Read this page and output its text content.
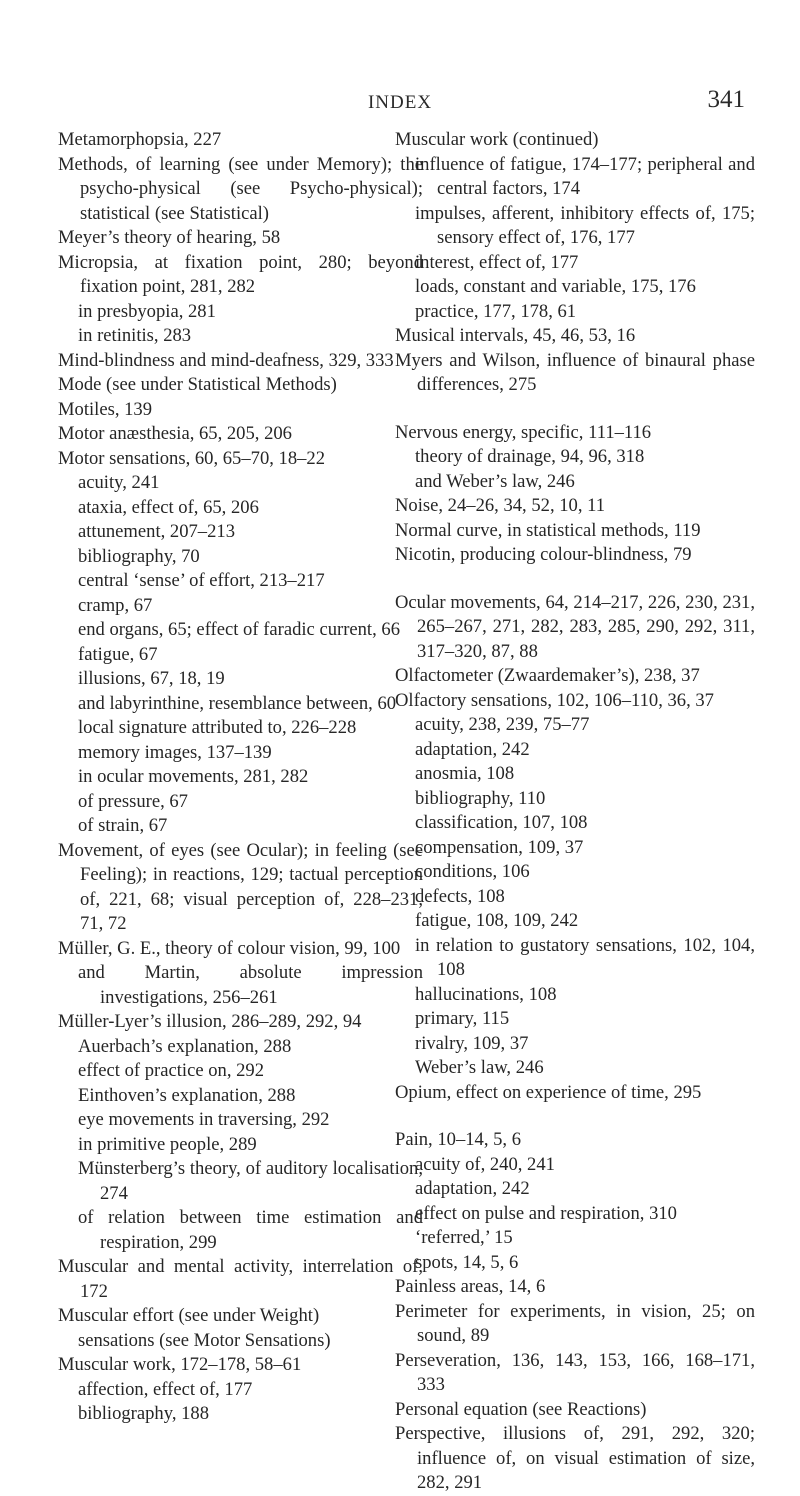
INDEX	341

Metamorphopsia, 227

Methods, of learning (see under Memory); the psycho-physical (see Psycho-physical); statistical (see Statistical)

Meyer’s theory of hearing, 58

Micropsia, at fixation point, 280; beyond fixation point, 281, 282

in presbyopia, 281

in retinitis, 283

Mind-blindness and mind-deafness, 329, 333

Mode (see under Statistical Methods)

Motiles, 139

Motor anæsthesia, 65, 205, 206

Motor sensations, 60, 65–70, 18–22

acuity, 241

ataxia, effect of, 65, 206

attunement, 207–213

bibliography, 70

central ‘sense’ of effort, 213–217

cramp, 67

end organs, 65; effect of faradic current, 66

fatigue, 67

illusions, 67, 18, 19

and labyrinthine, resemblance between, 60

local signature attributed to, 226–228

memory images, 137–139

in ocular movements, 281, 282

of pressure, 67

of strain, 67

Movement, of eyes (see Ocular); in feeling (see Feeling); in reactions, 129; tactual perception of, 221, 68; visual perception of, 228–231, 71, 72

Müller, G. E., theory of colour vision, 99, 100

and Martin, absolute impression investigations, 256–261

Müller-Lyer’s illusion, 286–289, 292, 94

Auerbach’s explanation, 288

effect of practice on, 292

Einthoven’s explanation, 288

eye movements in traversing, 292

in primitive people, 289

Münsterberg’s theory, of auditory localisation, 274

of relation between time estimation and respiration, 299

Muscular and mental activity, interrelation of, 172

Muscular effort (see under Weight)

sensations (see Motor Sensations)

Muscular work, 172–178, 58–61

affection, effect of, 177

bibliography, 188

Muscular work (continued)

influence of fatigue, 174–177; peripheral and central factors, 174

impulses, afferent, inhibitory effects of, 175; sensory effect of, 176, 177

interest, effect of, 177

loads, constant and variable, 175, 176

practice, 177, 178, 61

Musical intervals, 45, 46, 53, 16

Myers and Wilson, influence of binaural phase differences, 275

Nervous energy, specific, 111–116

theory of drainage, 94, 96, 318

and Weber’s law, 246

Noise, 24–26, 34, 52, 10, 11

Normal curve, in statistical methods, 119

Nicotin, producing colour-blindness, 79

Ocular movements, 64, 214–217, 226, 230, 231, 265–267, 271, 282, 283, 285, 290, 292, 311, 317–320, 87, 88

Olfactometer (Zwaardemaker’s), 238, 37

Olfactory sensations, 102, 106–110, 36, 37

acuity, 238, 239, 75–77

adaptation, 242

anosmia, 108

bibliography, 110

classification, 107, 108

compensation, 109, 37

conditions, 106

defects, 108

fatigue, 108, 109, 242

in relation to gustatory sensations, 102, 104, 108

hallucinations, 108

primary, 115

rivalry, 109, 37

Weber’s law, 246

Opium, effect on experience of time, 295

Pain, 10–14, 5, 6

acuity of, 240, 241

adaptation, 242

effect on pulse and respiration, 310

‘referred,’ 15

spots, 14, 5, 6

Painless areas, 14, 6

Perimeter for experiments, in vision, 25; on sound, 89

Perseveration, 136, 143, 153, 166, 168–171, 333

Personal equation (see Reactions)

Perspective, illusions of, 291, 292, 320; influence of, on visual estimation of size, 282, 291
